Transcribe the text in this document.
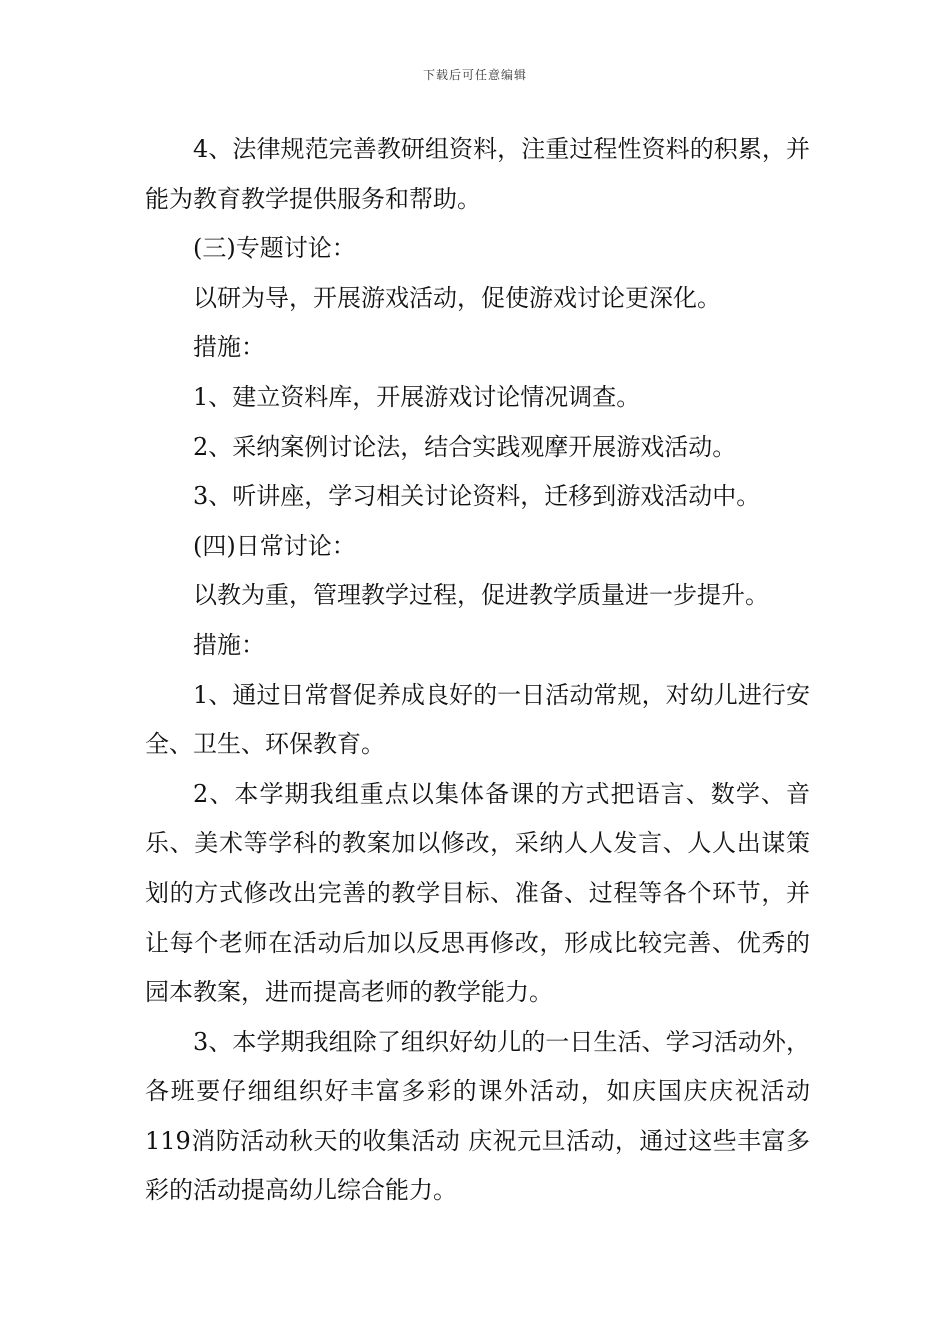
下载后可任意编辑

4、法律规范完善教研组资料，注重过程性资料的积累，并能为教育教学提供服务和帮助。

(三)专题讨论：

以研为导，开展游戏活动，促使游戏讨论更深化。

措施：

1、建立资料库，开展游戏讨论情况调查。

2、采纳案例讨论法，结合实践观摩开展游戏活动。

3、听讲座，学习相关讨论资料，迁移到游戏活动中。

(四)日常讨论：

以教为重，管理教学过程，促进教学质量进一步提升。

措施：

1、通过日常督促养成良好的一日活动常规，对幼儿进行安全、卫生、环保教育。

2、本学期我组重点以集体备课的方式把语言、数学、音乐、美术等学科的教案加以修改，采纳人人发言、人人出谋策划的方式修改出完善的教学目标、准备、过程等各个环节，并让每个老师在活动后加以反思再修改，形成比较完善、优秀的园本教案，进而提高老师的教学能力。

3、本学期我组除了组织好幼儿的一日生活、学习活动外，各班要仔细组织好丰富多彩的课外活动，如庆国庆庆祝活动119消防活动秋天的收集活动 庆祝元旦活动，通过这些丰富多彩的活动提高幼儿综合能力。
